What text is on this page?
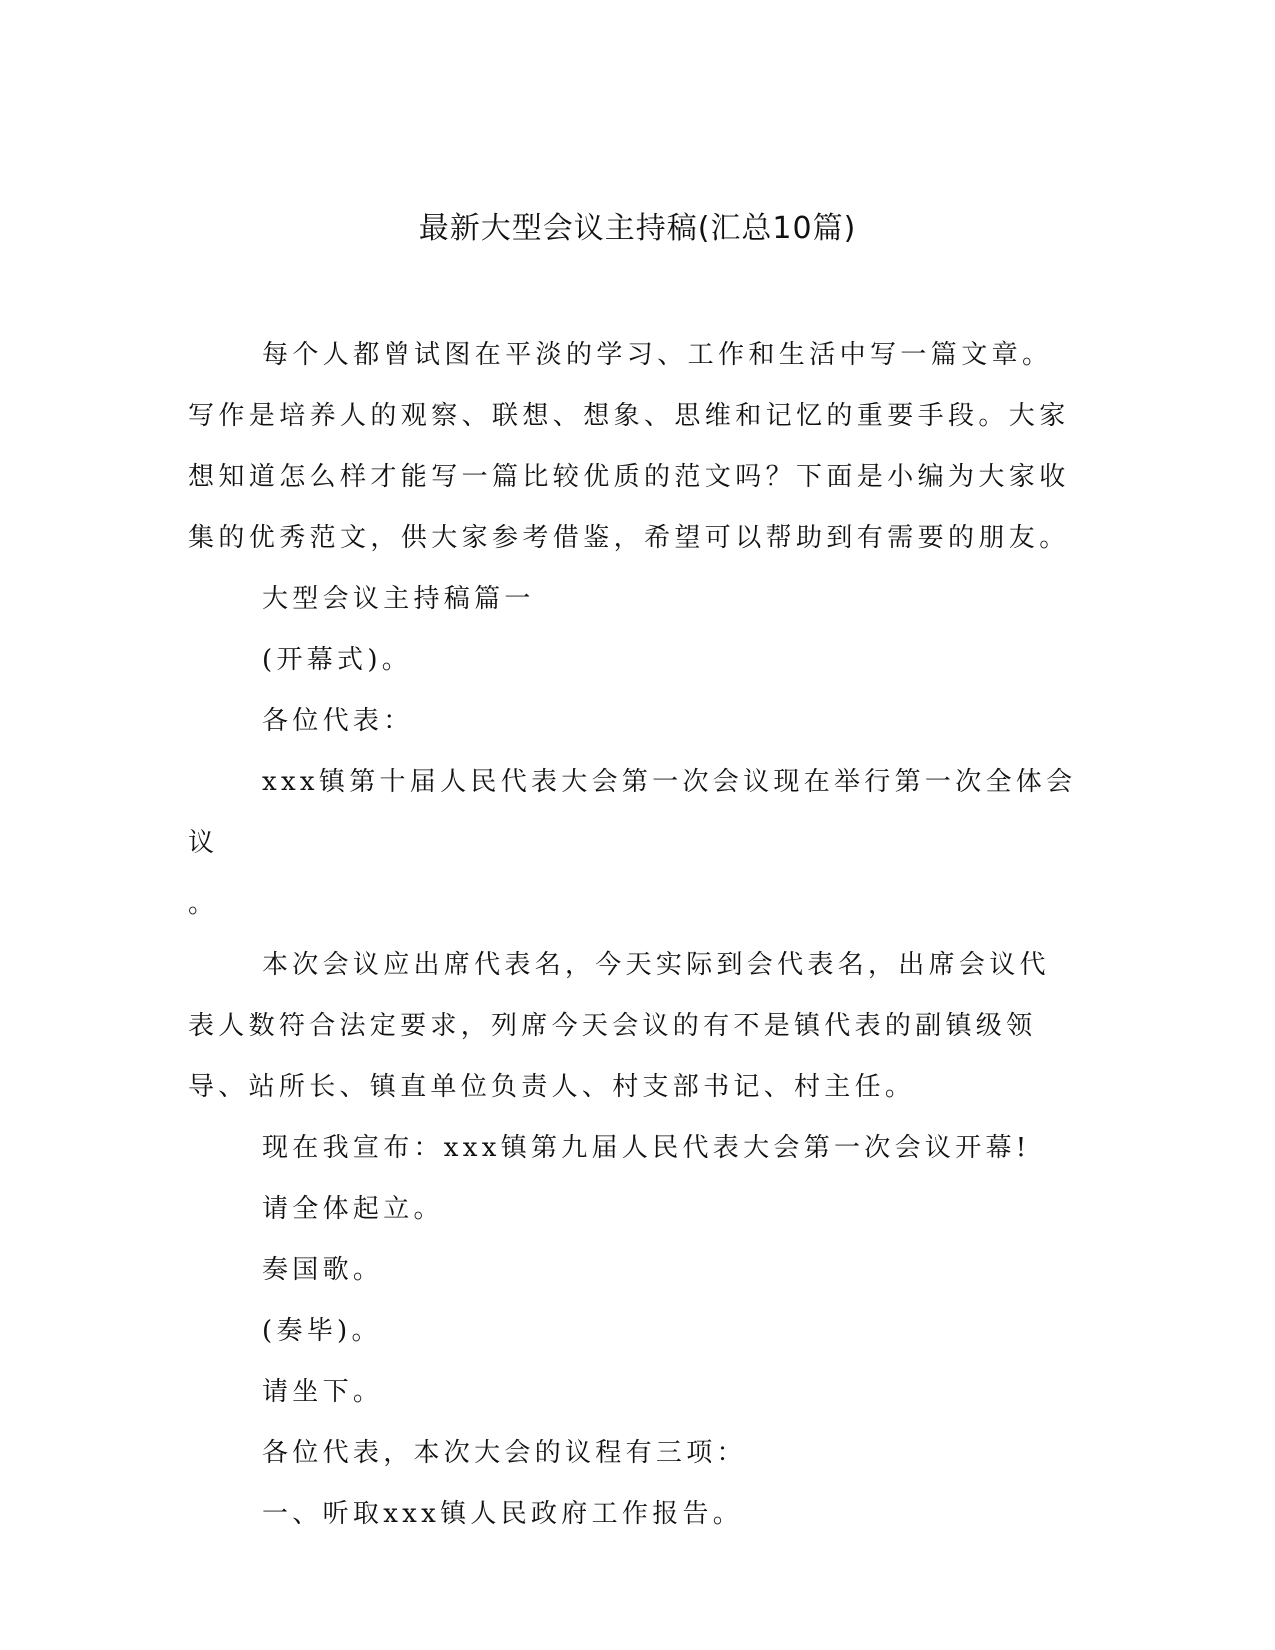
最新大型会议主持稿(汇总10篇)

每个人都曾试图在平淡的学习、工作和生活中写一篇文章。写作是培养人的观察、联想、想象、思维和记忆的重要手段。大家想知道怎么样才能写一篇比较优质的范文吗？下面是小编为大家收集的优秀范文，供大家参考借鉴，希望可以帮助到有需要的朋友。

大型会议主持稿篇一

(开幕式)。

各位代表：

xxx镇第十届人民代表大会第一次会议现在举行第一次全体会议

。

本次会议应出席代表名，今天实际到会代表名，出席会议代表人数符合法定要求，列席今天会议的有不是镇代表的副镇级领导、站所长、镇直单位负责人、村支部书记、村主任。

现在我宣布：xxx镇第九届人民代表大会第一次会议开幕!

请全体起立。

奏国歌。

(奏毕)。

请坐下。

各位代表，本次大会的议程有三项：

一、听取xxx镇人民政府工作报告。
